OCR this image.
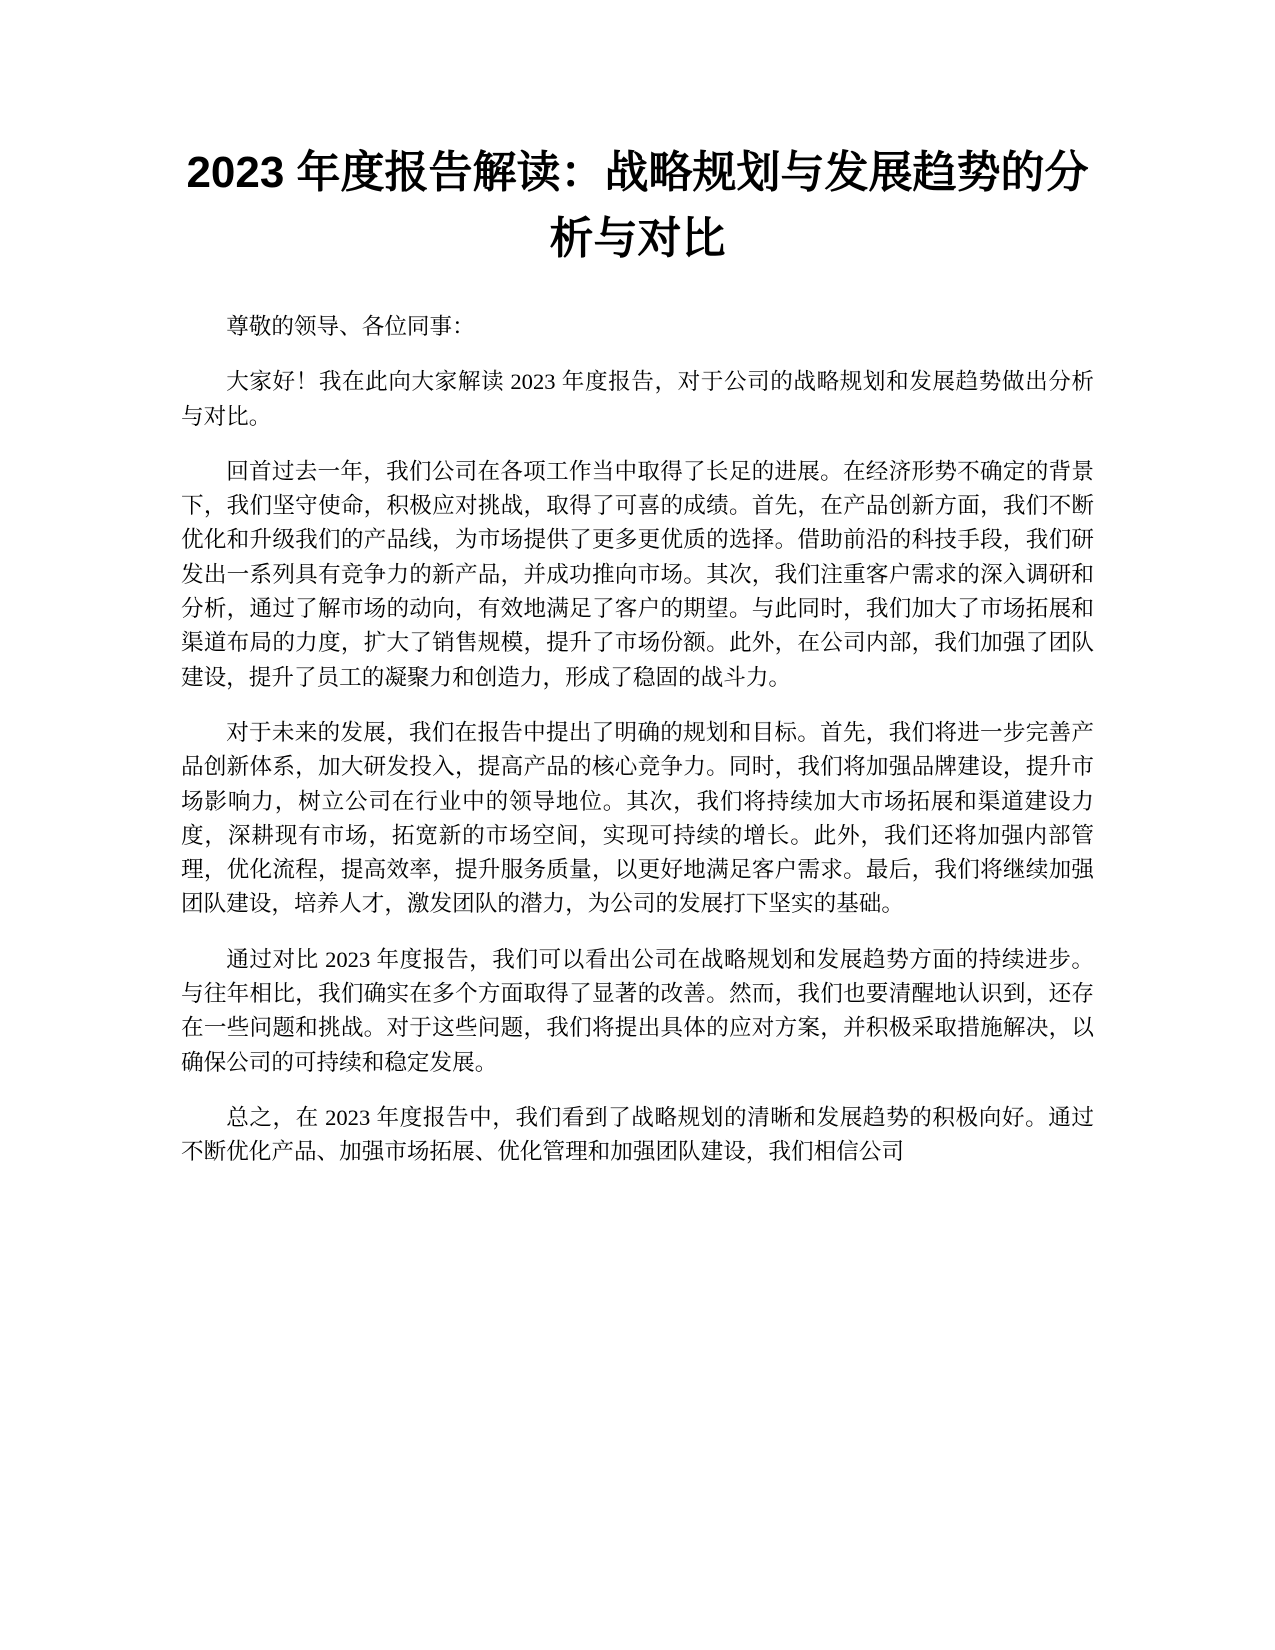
2023 年度报告解读：战略规划与发展趋势的分析与对比

尊敬的领导、各位同事：

大家好！我在此向大家解读 2023 年度报告，对于公司的战略规划和发展趋势做出分析与对比。

回首过去一年，我们公司在各项工作当中取得了长足的进展。在经济形势不确定的背景下，我们坚守使命，积极应对挑战，取得了可喜的成绩。首先，在产品创新方面，我们不断优化和升级我们的产品线，为市场提供了更多更优质的选择。借助前沿的科技手段，我们研发出一系列具有竞争力的新产品，并成功推向市场。其次，我们注重客户需求的深入调研和分析，通过了解市场的动向，有效地满足了客户的期望。与此同时，我们加大了市场拓展和渠道布局的力度，扩大了销售规模，提升了市场份额。此外，在公司内部，我们加强了团队建设，提升了员工的凝聚力和创造力，形成了稳固的战斗力。

对于未来的发展，我们在报告中提出了明确的规划和目标。首先，我们将进一步完善产品创新体系，加大研发投入，提高产品的核心竞争力。同时，我们将加强品牌建设，提升市场影响力，树立公司在行业中的领导地位。其次，我们将持续加大市场拓展和渠道建设力度，深耕现有市场，拓宽新的市场空间，实现可持续的增长。此外，我们还将加强内部管理，优化流程，提高效率，提升服务质量，以更好地满足客户需求。最后，我们将继续加强团队建设，培养人才，激发团队的潜力，为公司的发展打下坚实的基础。

通过对比 2023 年度报告，我们可以看出公司在战略规划和发展趋势方面的持续进步。与往年相比，我们确实在多个方面取得了显著的改善。然而，我们也要清醒地认识到，还存在一些问题和挑战。对于这些问题，我们将提出具体的应对方案，并积极采取措施解决，以确保公司的可持续和稳定发展。

总之，在 2023 年度报告中，我们看到了战略规划的清晰和发展趋势的积极向好。通过不断优化产品、加强市场拓展、优化管理和加强团队建设，我们相信公司
